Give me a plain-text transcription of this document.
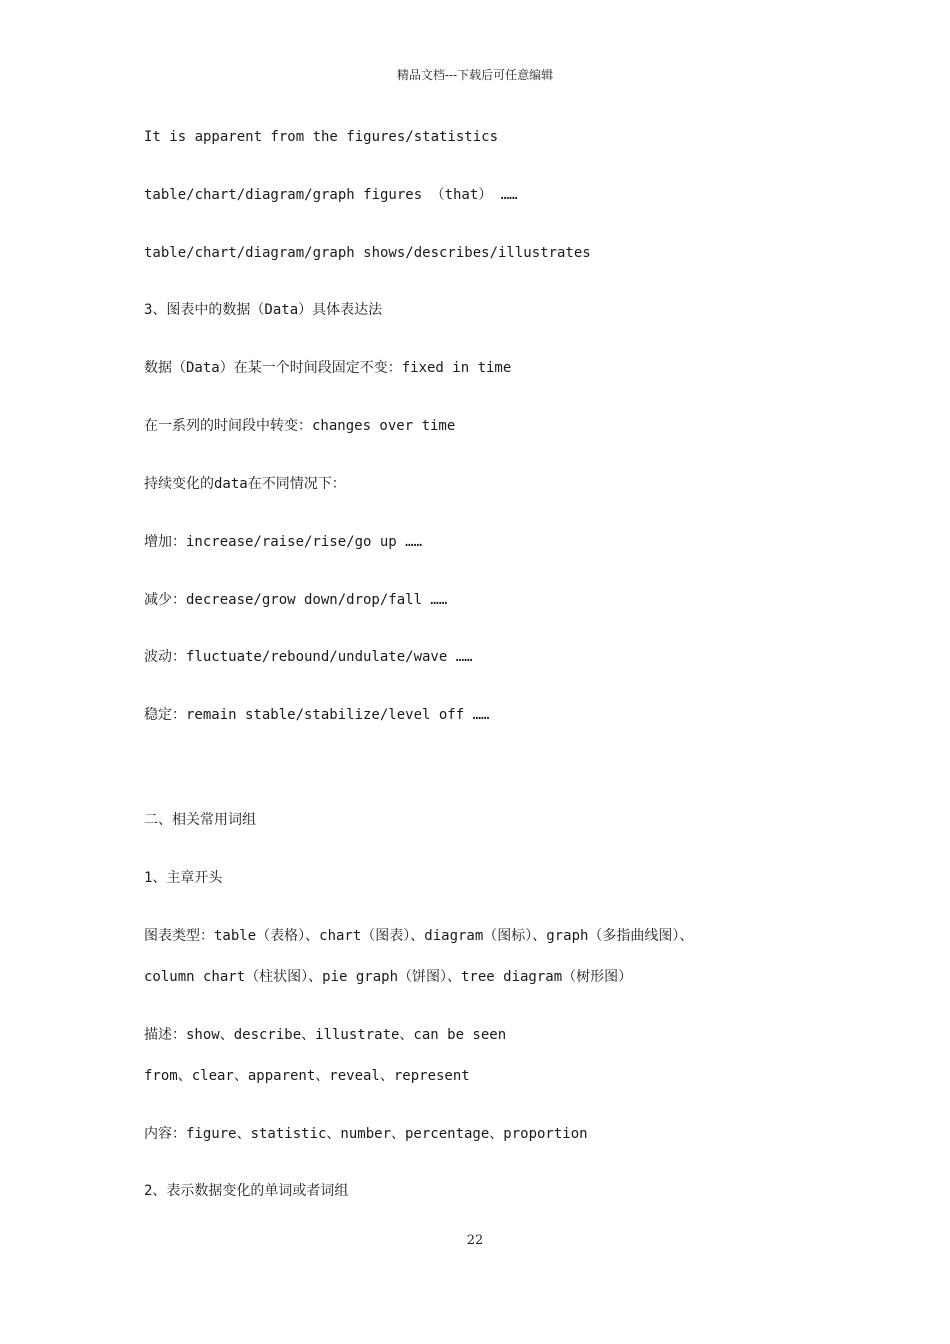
精品文档---下载后可任意编辑
It is apparent from the figures/statistics
table/chart/diagram/graph figures （that） ……
table/chart/diagram/graph shows/describes/illustrates
3、图表中的数据（Data）具体表达法
数据（Data）在某一个时间段固定不变：fixed in time
在一系列的时间段中转变：changes over time
持续变化的data在不同情况下：
增加：increase/raise/rise/go up ……
减少：decrease/grow down/drop/fall ……
波动：fluctuate/rebound/undulate/wave ……
稳定：remain stable/stabilize/level off ……
二、相关常用词组
1、主章开头
图表类型：table（表格）、chart（图表）、diagram（图标）、graph（多指曲线图）、
column chart（柱状图）、pie graph（饼图）、tree diagram（树形图）
描述：show、describe、illustrate、can be seen
from、clear、apparent、reveal、represent
内容：figure、statistic、number、percentage、proportion
2、表示数据变化的单词或者词组
22
